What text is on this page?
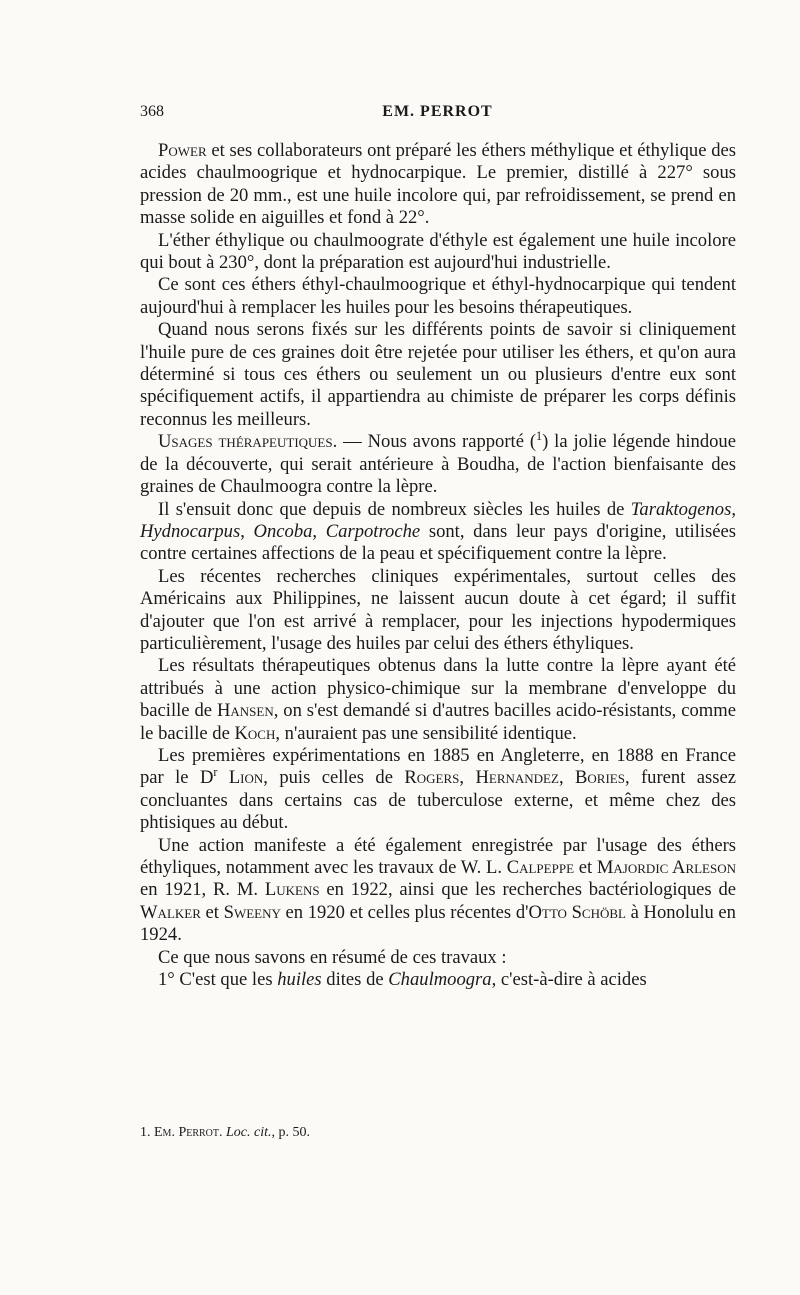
368	EM. PERROT

Power et ses collaborateurs ont préparé les éthers méthylique et éthylique des acides chaulmoogrique et hydnocarpique. Le premier, distillé à 227° sous pression de 20 mm., est une huile incolore qui, par refroidissement, se prend en masse solide en aiguilles et fond à 22°.

L'éther éthylique ou chaulmoograte d'éthyle est également une huile incolore qui bout à 230°, dont la préparation est aujourd'hui industrielle.

Ce sont ces éthers éthyl-chaulmoogrique et éthyl-hydnocarpique qui tendent aujourd'hui à remplacer les huiles pour les besoins thérapeutiques.

Quand nous serons fixés sur les différents points de savoir si cliniquement l'huile pure de ces graines doit être rejetée pour utiliser les éthers, et qu'on aura déterminé si tous ces éthers ou seulement un ou plusieurs d'entre eux sont spécifiquement actifs, il appartiendra au chimiste de préparer les corps définis reconnus les meilleurs.

Usages thérapeutiques. — Nous avons rapporté ($^1$) la jolie légende hindoue de la découverte, qui serait antérieure à Boudha, de l'action bienfaisante des graines de Chaulmoogra contre la lèpre.

Il s'ensuit donc que depuis de nombreux siècles les huiles de Taraktogenos, Hydnocarpus, Oncoba, Carpotroche sont, dans leur pays d'origine, utilisées contre certaines affections de la peau et spécifiquement contre la lèpre.

Les récentes recherches cliniques expérimentales, surtout celles des Américains aux Philippines, ne laissent aucun doute à cet égard; il suffit d'ajouter que l'on est arrivé à remplacer, pour les injections hypodermiques particulièrement, l'usage des huiles par celui des éthers éthyliques.

Les résultats thérapeutiques obtenus dans la lutte contre la lèpre ayant été attribués à une action physico-chimique sur la membrane d'enveloppe du bacille de Hansen, on s'est demandé si d'autres bacilles acido-résistants, comme le bacille de Koch, n'auraient pas une sensibilité identique.

Les premières expérimentations en 1885 en Angleterre, en 1888 en France par le $D^r$ Lion, puis celles de Rogers, Hernandez, Bories, furent assez concluantes dans certains cas de tuberculose externe, et même chez des phtisiques au début.

Une action manifeste a été également enregistrée par l'usage des éthers éthyliques, notamment avec les travaux de W. L. Calpeppe et Majordic Arleson en 1921, R. M. Lukens en 1922, ainsi que les recherches bactériologiques de Walker et Sweeny en 1920 et celles plus récentes d'Otto Schöbl à Honolulu en 1924.

Ce que nous savons en résumé de ces travaux :

1° C'est que les huiles dites de Chaulmoogra, c'est-à-dire à acides

1. Em. Perrot. Loc. cit., p. 50.
